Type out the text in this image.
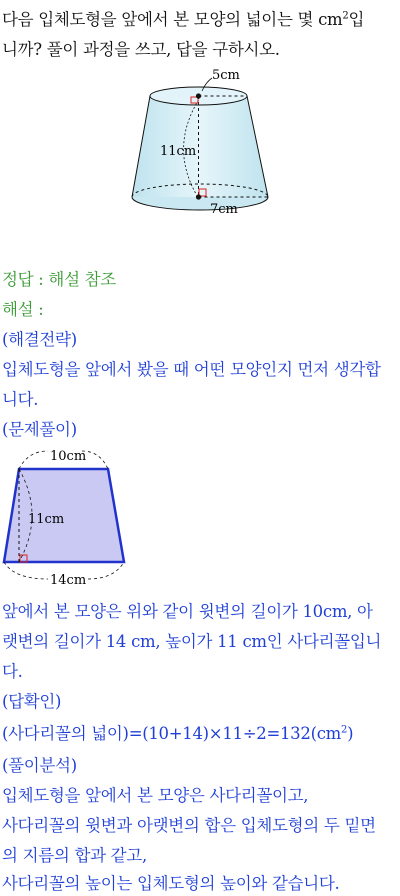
다음 입체도형을 앞에서 본 모양의 넓이는 몇 $cm^2$입
니까? 풀이 과정을 쓰고, 답을 구하시오.
5cm
11cm
7cm
정답 : 해설 참조
해설 :
(해결전략)
입체도형을 앞에서 봤을 때 어떤 모양인지 먼저 생각합
니다.
(문제풀이)
10cm
11cm
14cm
앞에서 본 모양은 위와 같이 윗변의 길이가 10cm, 아
랫변의 길이가 14 cm, 높이가 11 cm인 사다리꼴입니
다.
(답확인)
(사다리꼴의 넓이)$=(10+14)\times 11\div 2=132(cm^2)$
(풀이분석)
입체도형을 앞에서 본 모양은 사다리꼴이고,
사다리꼴의 윗변과 아랫변의 합은 입체도형의 두 밑면
의 지름의 합과 같고,
사다리꼴의 높이는 입체도형의 높이와 같습니다.
